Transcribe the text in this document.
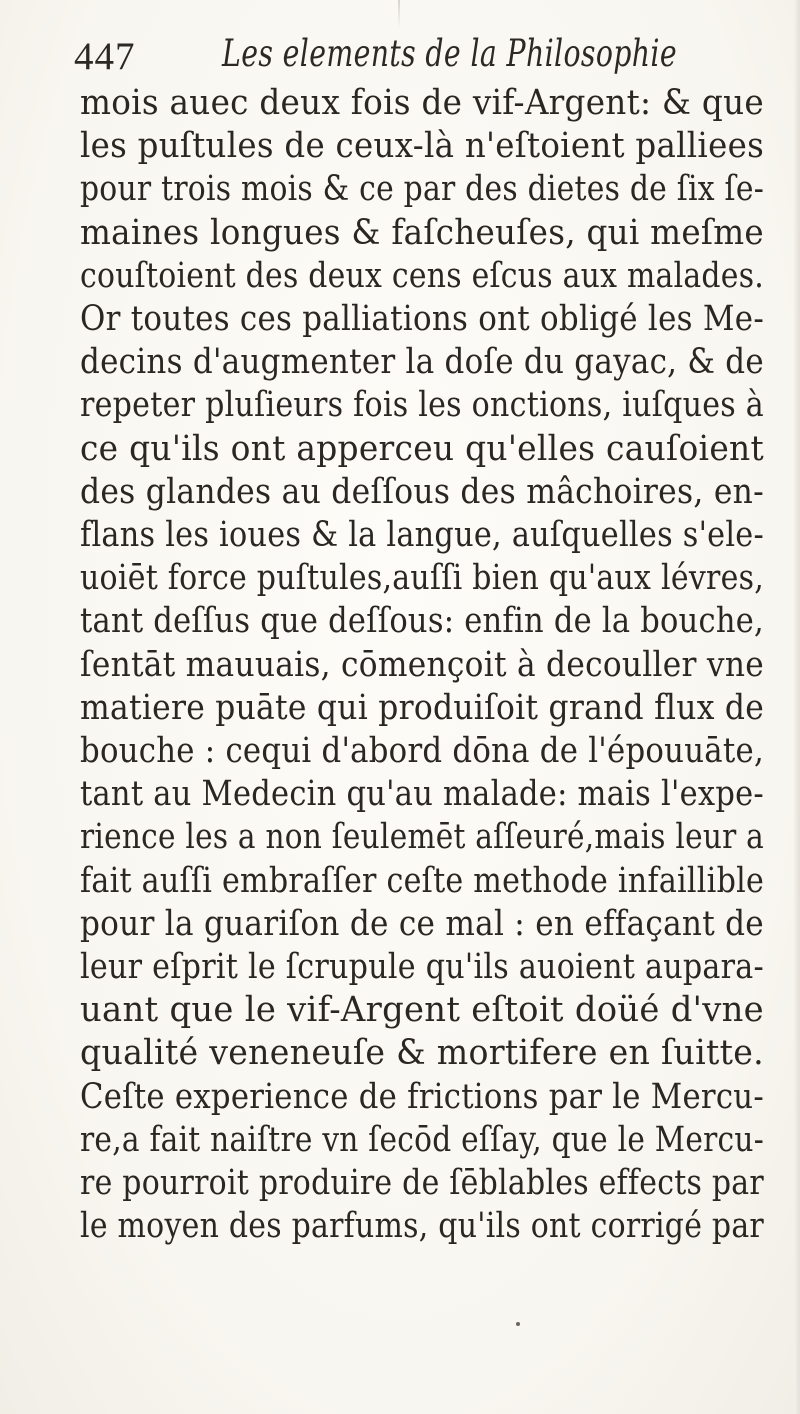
447 Les elements de la Philosophie
mois auec deux fois de vif-Argent: & que
les puſtules de ceux-là n'eſtoient palliees
pour trois mois & ce par des dietes de ſix ſe-
maines longues & faſcheuſes, qui meſme
couſtoient des deux cens eſcus aux malades.
Or toutes ces palliations ont obligé les Me-
decins d'augmenter la doſe du gayac, & de
repeter pluſieurs fois les onctions, iuſques à
ce qu'ils ont apperceu qu'elles cauſoient
des glandes au deſſous des mâchoires, en-
flans les ioues & la langue, auſquelles s'ele-
uoiēt force puſtules,auſſi bien qu'aux lévres,
tant deſſus que deſſous: enfin de la bouche,
ſentāt mauuais, cōmençoit à decouller vne
matiere puāte qui produiſoit grand flux de
bouche : cequi d'abord dōna de l'épouuāte,
tant au Medecin qu'au malade: mais l'expe-
rience les a non ſeulemēt aſſeuré,mais leur a
fait auſſi embraſſer ceſte methode infaillible
pour la guariſon de ce mal : en effaçant de
leur eſprit le ſcrupule qu'ils auoient aupara-
uant que le vif-Argent eſtoit doüé d'vne
qualité veneneuſe & mortifere en ſuitte.
Ceſte experience de frictions par le Mercu-
re,a fait naiſtre vn ſecōd eſſay, que le Mercu-
re pourroit produire de ſēblables effects par
le moyen des parfums, qu'ils ont corrigé par
